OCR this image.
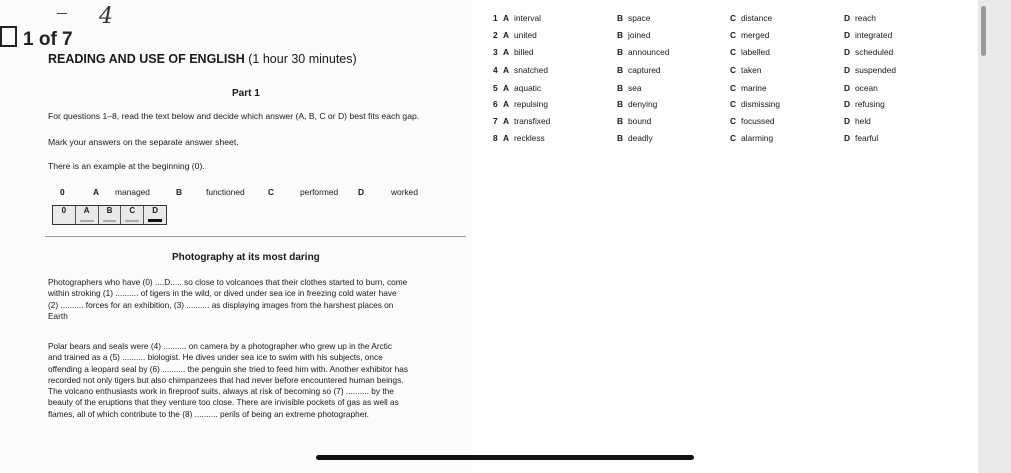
4
1 of 7
READING AND USE OF ENGLISH (1 hour 30 minutes)
Part 1
For questions 1–8, read the text below and decide which answer (A, B, C or D) best fits each gap.
Mark your answers on the separate answer sheet.
There is an example at the beginning (0).
0	A managed	B	functioned	C	performed D	worked
0	A	B	C	D
Photography at its most daring
Photographers who have (0) ....D..... so close to volcanoes that their clothes started to burn, come
within stroking (1) .......... of tigers in the wild, or dived under sea ice in freezing cold water have
(2) .......... forces for an exhibition, (3) .......... as displaying images from the harshest places on
Earth
Polar bears and seals were (4) .......... on camera by a photographer who grew up in the Arctic
and trained as a (5) .......... biologist. He dives under sea ice to swim with his subjects, once
offending a leopard seal by (6) .......... the penguin she tried to feed him with. Another exhibitor has
recorded not only tigers but also chimpanzees that had never before encountered human beings.
The volcano enthusiasts work in fireproof suits, always at risk of becoming so (7) .......... by the
beauty of the eruptions that they venture too close. There are invisible pockets of gas as well as
flames, all of which contribute to the (8) .......... perils of being an extreme photographer.
1 A interval	B space	C distance	D reach
2 A united	B joined	C merged	D integrated
3 A billed	B announced	C labelled	D scheduled
4 A snatched	B captured	C taken	D suspended
5 A aquatic	B sea	C marine	D ocean
6 A repulsing	B denying	C dismissing	D refusing
7 A transfixed	B bound	C focussed	D held
8 A reckless	B deadly	C alarming	D fearful
